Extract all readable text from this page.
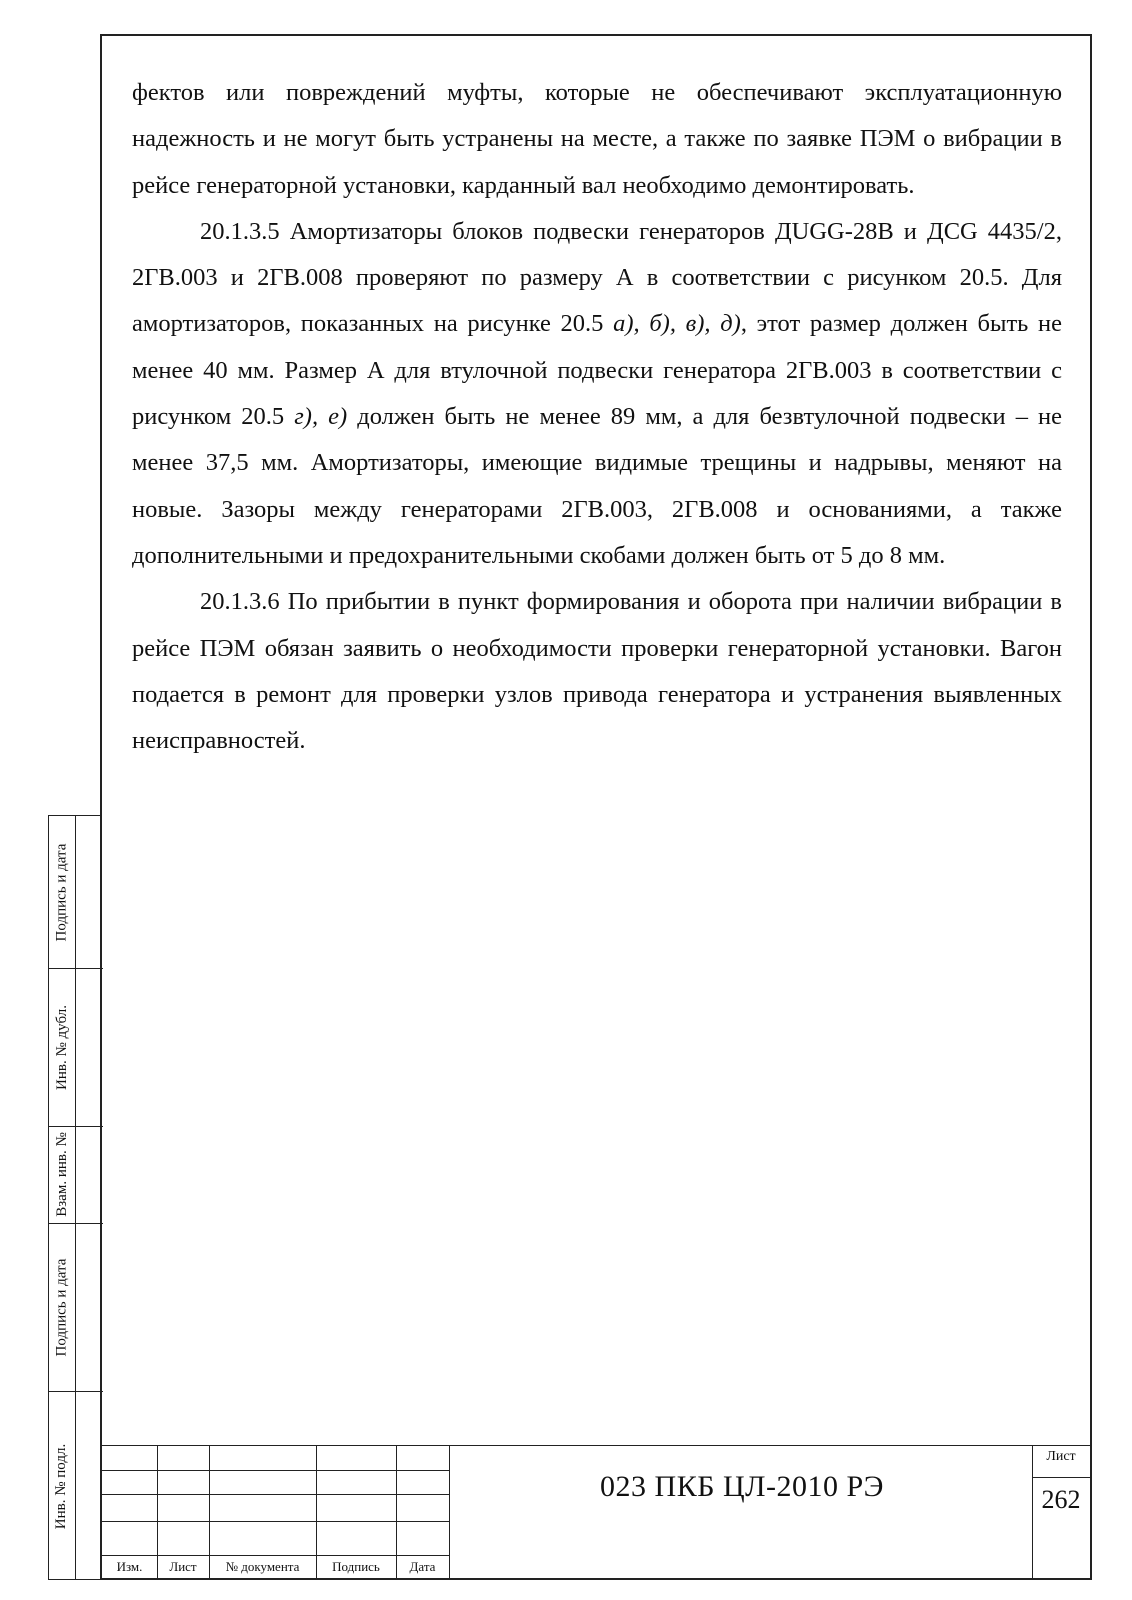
фектов или повреждений муфты, которые не обеспечивают эксплуатационную надежность и не могут быть устранены на месте, а также по заявке ПЭМ о вибрации в рейсе генераторной установки, карданный вал необходимо демонтировать.

20.1.3.5 Амортизаторы блоков подвески генераторов ДUGG-28В и ДСG 4435/2, 2ГВ.003 и 2ГВ.008 проверяют по размеру А в соответствии с рисунком 20.5. Для амортизаторов, показанных на рисунке 20.5 а), б), в), д), этот размер должен быть не менее 40 мм. Размер А для втулочной подвески генератора 2ГВ.003 в соответствии с рисунком 20.5 г), е) должен быть не менее 89 мм, а для безвтулочной подвески – не менее 37,5 мм. Амортизаторы, имеющие видимые трещины и надрывы, меняют на новые. Зазоры между генераторами 2ГВ.003, 2ГВ.008 и основаниями, а также дополнительными и предохранительными скобами должен быть от 5 до 8 мм.

20.1.3.6 По прибытии в пункт формирования и оборота при наличии вибрации в рейсе ПЭМ обязан заявить о необходимости проверки генераторной установки. Вагон подается в ремонт для проверки узлов привода генератора и устранения выявленных неисправностей.

Подпись и дата
Инв. № дубл.
Взам. инв. №
Подпись и дата
Инв. № подл.
Изм.	Лист	№ документа	Подпись	Дата
023 ПКБ ЦЛ-2010 РЭ
Лист
262
